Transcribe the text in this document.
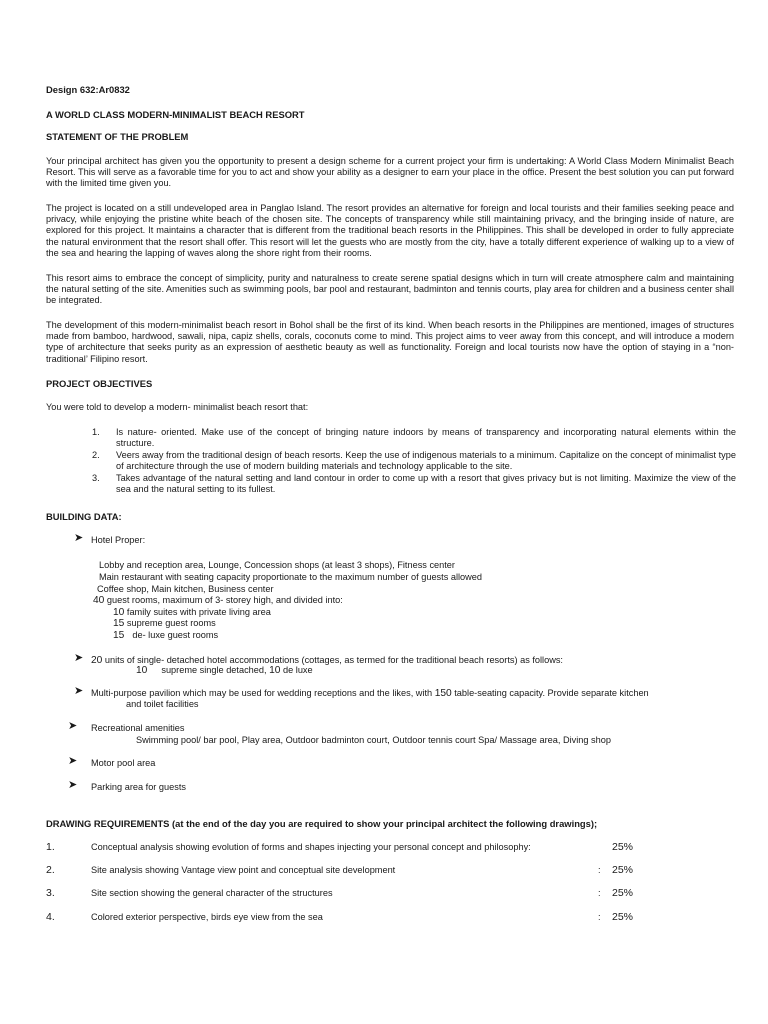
Design 632:Ar0832
A WORLD CLASS MODERN-MINIMALIST BEACH RESORT
STATEMENT OF THE PROBLEM

Your principal architect has given you the opportunity to present a design scheme for a current project your firm is undertaking: A World Class Modern Minimalist Beach Resort. This will serve as a favorable time for you to act and show your ability as a designer to earn your place in the office. Present the best solution you can put forward with the limited time given you.

The project is located on a still undeveloped area in Panglao Island. The resort provides an alternative for foreign and local tourists and their families seeking peace and privacy, while enjoying the pristine white beach of the chosen site. The concepts of transparency while still maintaining privacy, and the bringing inside of nature, are explored for this project. It maintains a character that is different from the traditional beach resorts in the Philippines. This shall be developed in order to fully appreciate the natural environment that the resort shall offer. This resort will let the guests who are mostly from the city, have a totally different experience of walking up to a view of the sea and hearing the lapping of waves along the shore right from their rooms.

This resort aims to embrace the concept of simplicity, purity and naturalness to create serene spatial designs which in turn will create atmosphere calm and maintaining the natural setting of the site. Amenities such as swimming pools, bar pool and restaurant, badminton and tennis courts, play area for children and a business center shall be integrated.

The development of this modern-minimalist beach resort in Bohol shall be the first of its kind. When beach resorts in the Philippines are mentioned, images of structures made from bamboo, hardwood, sawali, nipa, capiz shells, corals, coconuts come to mind. This project aims to veer away from this concept, and will introduce a modern type of architecture that seeks purity as an expression of aesthetic beauty as well as functionality. Foreign and local tourists now have the option of staying in a “non-traditional’ Filipino resort.

PROJECT OBJECTIVES
You were told to develop a modern- minimalist beach resort that:
1. Is nature- oriented. Make use of the concept of bringing nature indoors by means of transparency and incorporating natural elements within the structure.

2. Veers away from the traditional design of beach resorts. Keep the use of indigenous materials to a minimum. Capitalize on the concept of minimalist type of architecture through the use of modern building materials and technology applicable to the site.

3. Takes advantage of the natural setting and land contour in order to come up with a resort that gives privacy but is not limiting. Maximize the view of the sea and the natural setting to its fullest.

BUILDING DATA:
➤ Hotel Proper:
Lobby and reception area, Lounge, Concession shops (at least 3 shops), Fitness center
Main restaurant with seating capacity proportionate to the maximum number of guests allowed
Coffee shop, Main kitchen, Business center
40 guest rooms, maximum of 3- storey high, and divided into:
10 family suites with private living area
15 supreme guest rooms
15 de- luxe guest rooms
➤ 20 units of single- detached hotel accommodations (cottages, as termed for the traditional beach resorts) as follows:
10 supreme single detached, 10 de luxe
➤ Multi-purpose pavilion which may be used for wedding receptions and the likes, with 150 table-seating capacity. Provide separate kitchen
and toilet facilities
➤ Recreational amenities
Swimming pool/ bar pool, Play area, Outdoor badminton court, Outdoor tennis court Spa/ Massage area, Diving shop
➤ Motor pool area
➤ Parking area for guests
DRAWING REQUIREMENTS (at the end of the day you are required to show your principal architect the following drawings);
1.	Conceptual analysis showing evolution of forms and shapes injecting your personal concept and philosophy:	25%
2.	Site analysis showing Vantage view point and conceptual site development	: 25%
3.	Site section showing the general character of the structures	: 25%
4.	Colored exterior perspective, birds eye view from the sea	: 25%
